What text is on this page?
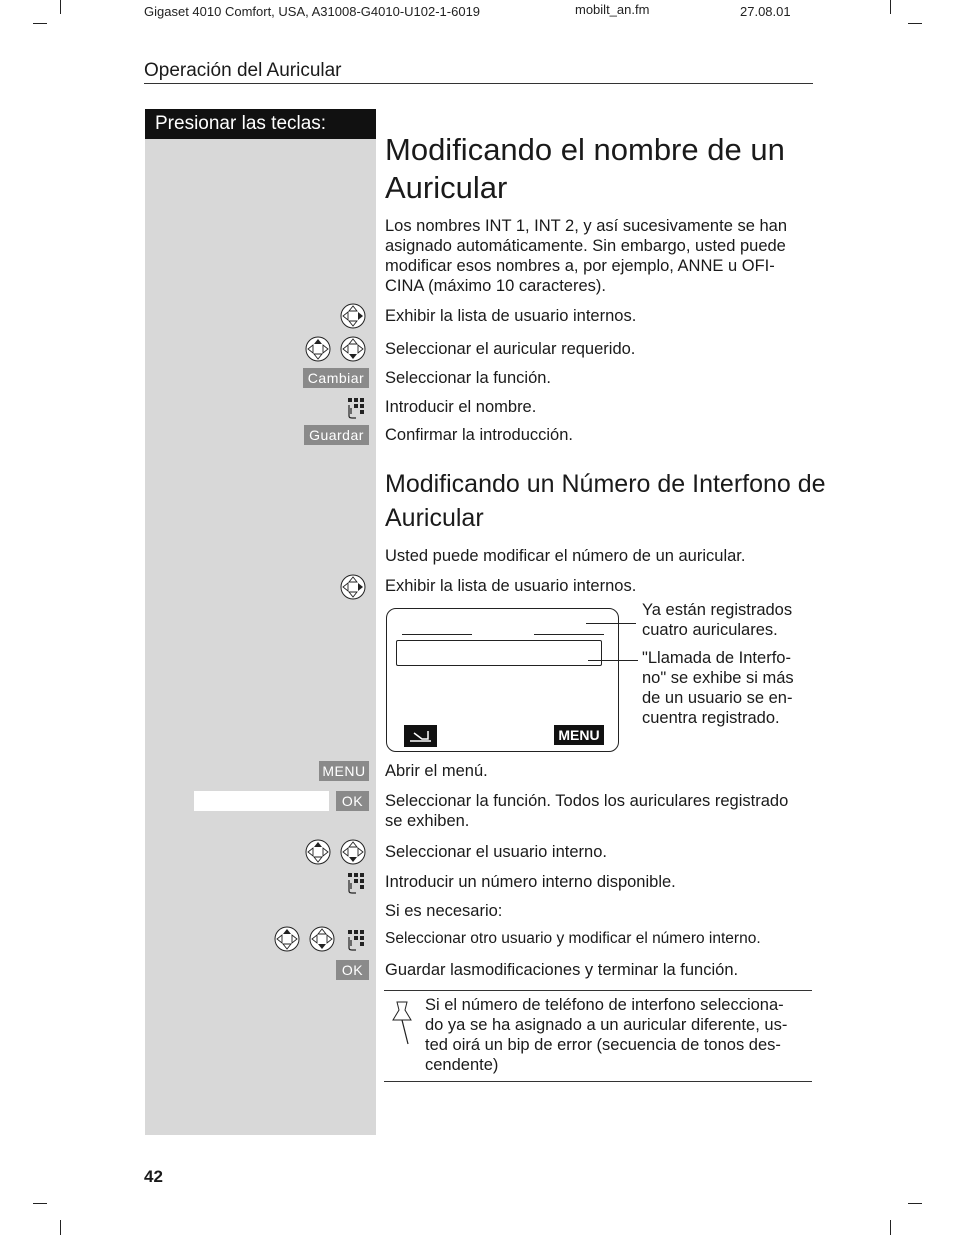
Gigaset 4010 Comfort, USA, A31008-G4010-U102-1-6019	mobilt_an.fm	27.08.01
Operación del Auricular
Presionar las teclas:
Modificando el nombre de un
Auricular
Los nombres INT 1, INT 2, y así sucesivamente se han
asignado automáticamente. Sin embargo, usted puede
modificar esos nombres a, por ejemplo, ANNE u OFI-
CINA (máximo 10 caracteres).
Exhibir la lista de usuario internos.
Seleccionar el auricular requerido.
Cambiar Seleccionar la función.
Introducir el nombre.
Guardar	Confirmar la introducción.
Modificando un Número de Interfono de
Auricular
Usted puede modificar el número de un auricular.
Exhibir la lista de usuario internos.
MENU
Ya están registrados
cuatro auriculares.
"Llamada de Interfo-
no" se exhibe si más
de un usuario se en-
cuentra registrado.
MENU Abrir el menú.
OK	Seleccionar la función. Todos los auriculares registrado
se exhiben.
Seleccionar el usuario interno.
Introducir un número interno disponible.
Si es necesario:
Seleccionar otro usuario y modificar el número interno.
OK	Guardar lasmodificaciones y terminar la función.
Si el número de teléfono de interfono selecciona-
do ya se ha asignado a un auricular diferente, us-
ted oirá un bip de error (secuencia de tonos des-
cendente)
42
